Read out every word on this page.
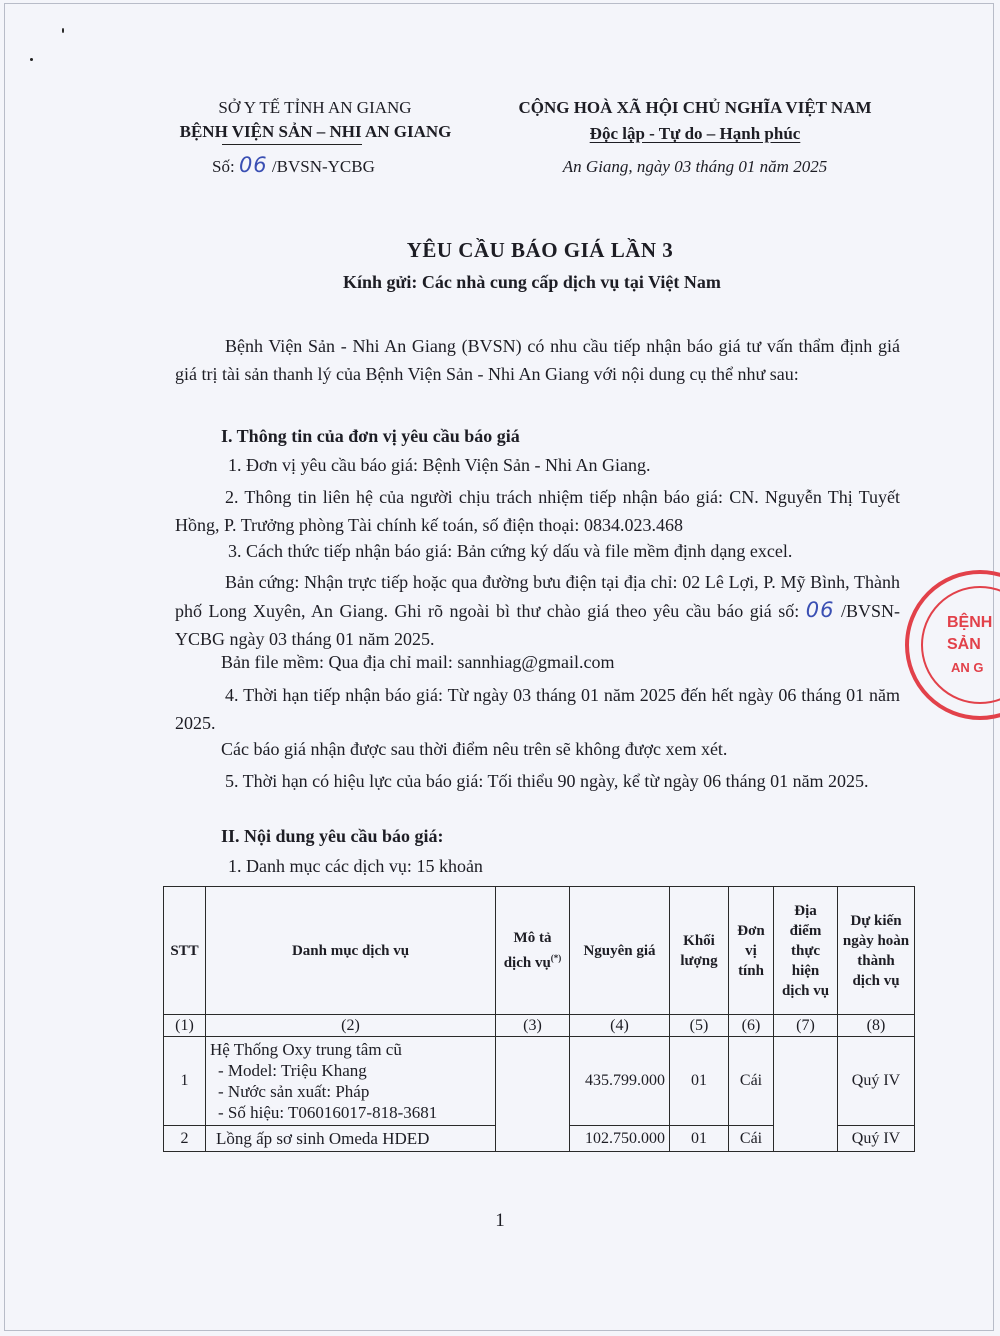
SỞ Y TẾ TỈNH AN GIANG
BỆNH VIỆN SẢN – NHI AN GIANG
Số: 06 /BVSN-YCBG
CỘNG HOÀ XÃ HỘI CHỦ NGHĨA VIỆT NAM
Độc lập - Tự do – Hạnh phúc
An Giang, ngày 03 tháng 01 năm 2025
YÊU CẦU BÁO GIÁ LẦN 3
Kính gửi: Các nhà cung cấp dịch vụ tại Việt Nam
Bệnh Viện Sản - Nhi An Giang (BVSN) có nhu cầu tiếp nhận báo giá tư vấn thẩm định giá giá trị tài sản thanh lý của Bệnh Viện Sản - Nhi An Giang với nội dung cụ thể như sau:
I. Thông tin của đơn vị yêu cầu báo giá
1. Đơn vị yêu cầu báo giá: Bệnh Viện Sản - Nhi An Giang.
2. Thông tin liên hệ của người chịu trách nhiệm tiếp nhận báo giá: CN. Nguyễn Thị Tuyết Hồng, P. Trưởng phòng Tài chính kế toán, số điện thoại: 0834.023.468
3. Cách thức tiếp nhận báo giá: Bản cứng ký dấu và file mềm định dạng excel.
Bản cứng: Nhận trực tiếp hoặc qua đường bưu điện tại địa chỉ: 02 Lê Lợi, P. Mỹ Bình, Thành phố Long Xuyên, An Giang. Ghi rõ ngoài bì thư chào giá theo yêu cầu báo giá số: 06 /BVSN-YCBG ngày 03 tháng 01 năm 2025.
Bản file mềm: Qua địa chỉ mail: sannhiag@gmail.com
4. Thời hạn tiếp nhận báo giá: Từ ngày 03 tháng 01 năm 2025 đến hết ngày 06 tháng 01 năm 2025.
Các báo giá nhận được sau thời điểm nêu trên sẽ không được xem xét.
5. Thời hạn có hiệu lực của báo giá: Tối thiểu 90 ngày, kể từ ngày 06 tháng 01 năm 2025.
II. Nội dung yêu cầu báo giá:
1. Danh mục các dịch vụ: 15 khoản
STT	Danh mục dịch vụ	Mô tả dịch vụ(*)	Nguyên giá	Khối lượng	Đơn vị tính	Địa điểm thực hiện dịch vụ	Dự kiến ngày hoàn thành dịch vụ
(1)	(2)	(3)	(4)	(5)	(6)	(7)	(8)
1	Hệ Thống Oxy trung tâm cũ
- Model: Triệu Khang
- Nước sản xuất: Pháp
- Số hiệu: T06016017-818-3681		435.799.000	01	Cái		Quý IV
2	Lồng ấp sơ sinh Omeda HDED		102.750.000	01	Cái		Quý IV
1
BỆNH
SẢN
AN G
